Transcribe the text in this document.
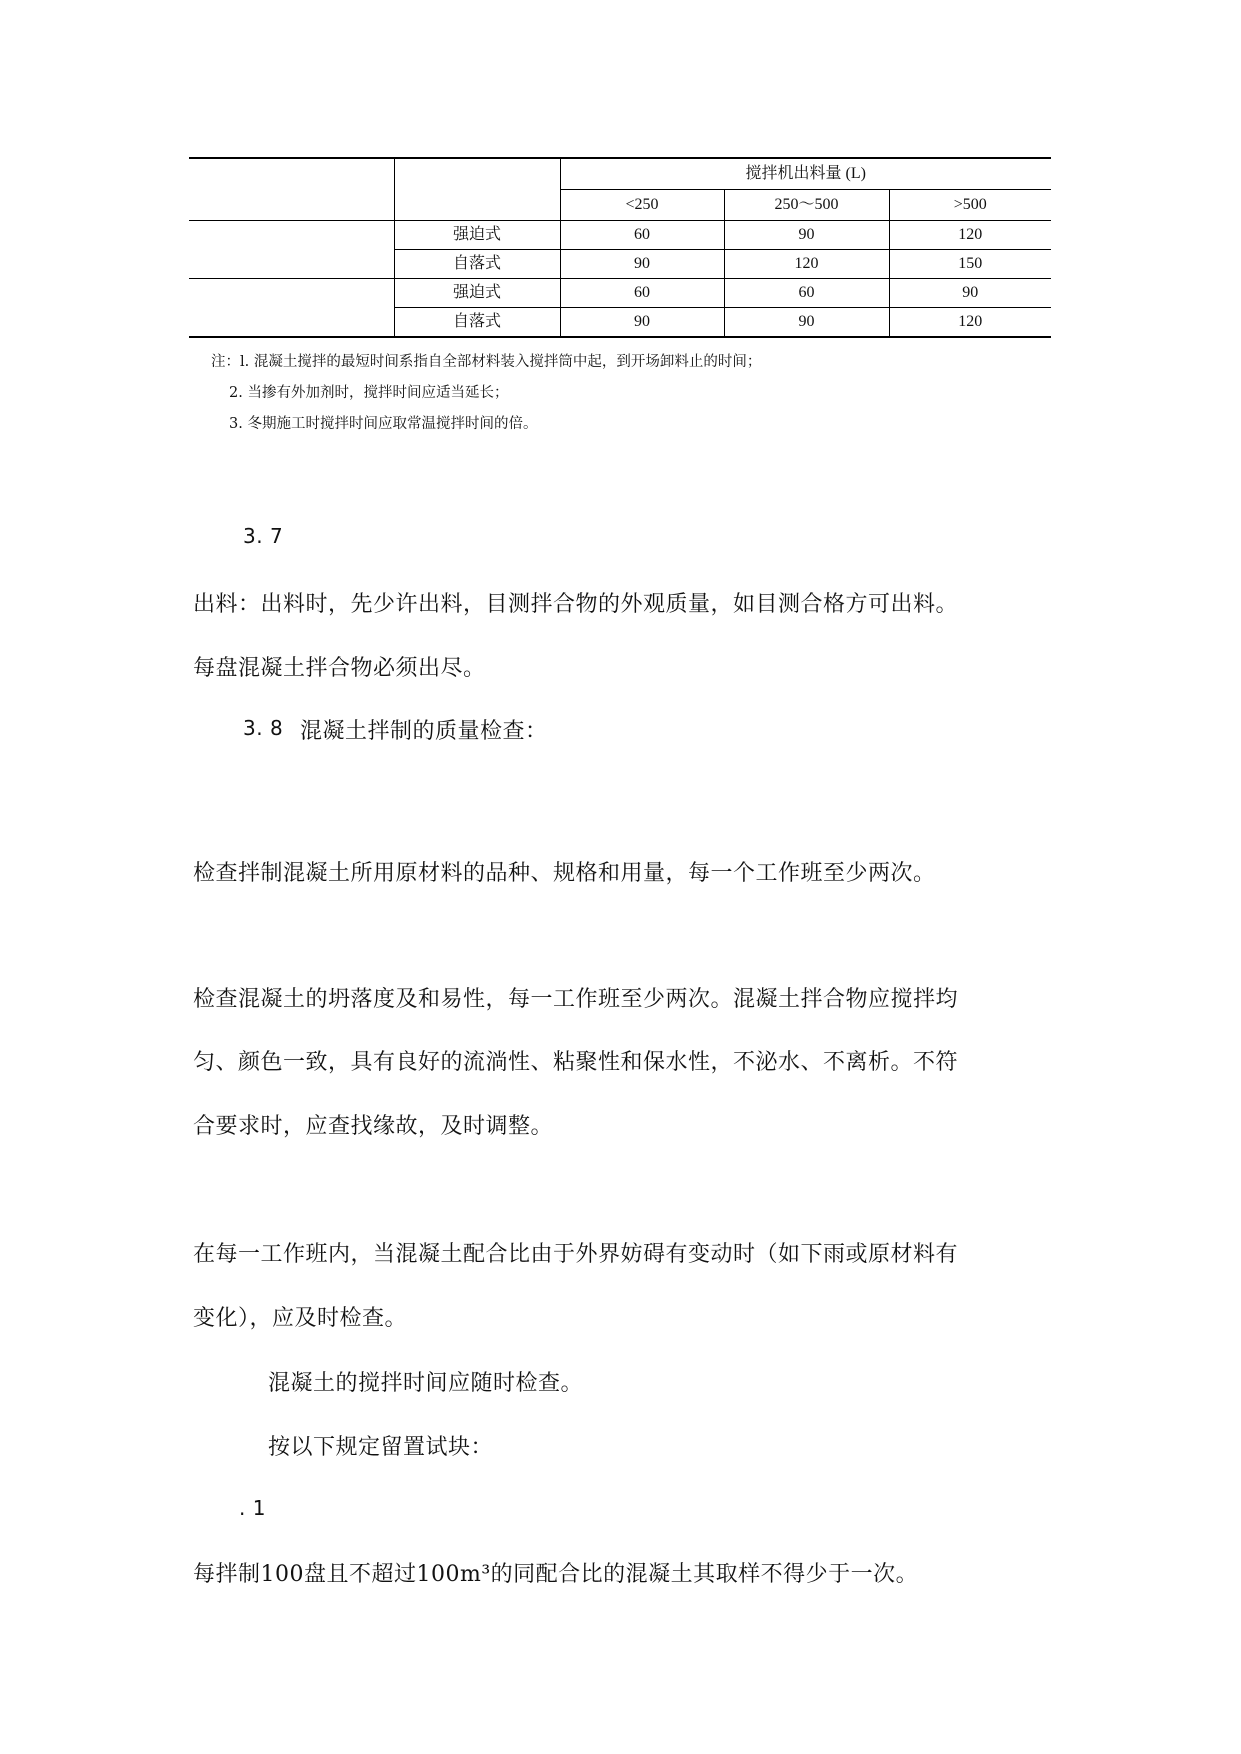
		搅拌机出料量 (L)		
		<250	250～500	>500
	强迫式	60	90	120
	自落式	90	120	150
	强迫式	60	60	90
	自落式	90	90	120
注：l. 混凝土搅拌的最短时间系指自全部材料装入搅拌筒中起，到开场卸料止的时间；
2. 当掺有外加剂时，搅拌时间应适当延长；
3. 冬期施工时搅拌时间应取常温搅拌时间的倍。
3. 7
出料：出料时，先少许出料，目测拌合物的外观质量，如目测合格方可出料。
每盘混凝土拌合物必须出尽。
3. 8 混凝土拌制的质量检查：
检查拌制混凝土所用原材料的品种、规格和用量，每一个工作班至少两次。
检查混凝土的坍落度及和易性，每一工作班至少两次。混凝土拌合物应搅拌均
匀、颜色一致，具有良好的流淌性、粘聚性和保水性，不泌水、不离析。不符
合要求时，应查找缘故，及时调整。
在每一工作班内，当混凝土配合比由于外界妨碍有变动时（如下雨或原材料有
变化），应及时检查。
混凝土的搅拌时间应随时检查。
按以下规定留置试块：
. 1
每拌制100盘且不超过100m³的同配合比的混凝土其取样不得少于一次。
